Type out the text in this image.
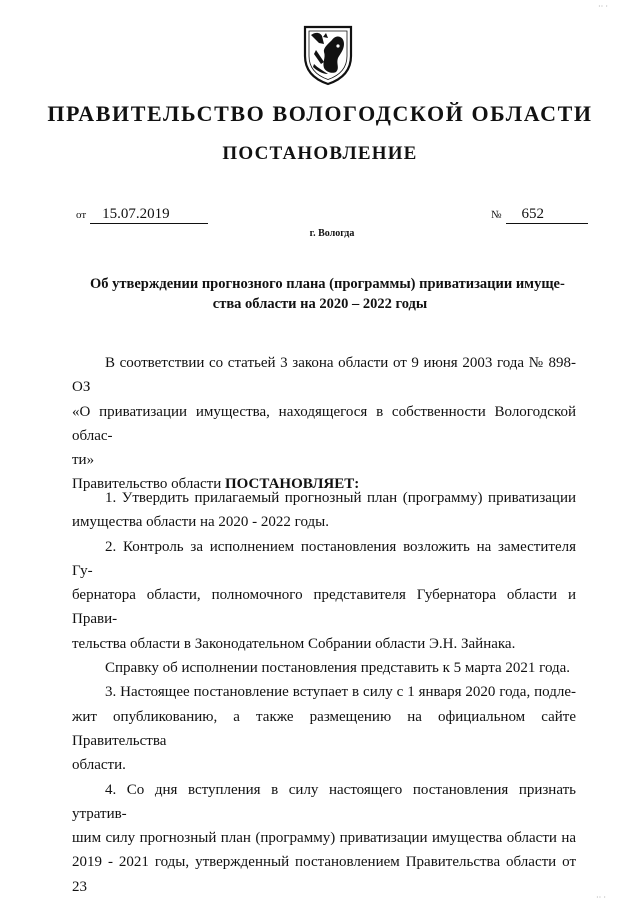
ПРАВИТЕЛЬСТВО ВОЛОГОДСКОЙ ОБЛАСТИ
ПОСТАНОВЛЕНИЕ
от 15.07.2019	№ 652
г. Вологда
Об утверждении прогнозного плана (программы) приватизации имуще-
ства области на 2020 – 2022 годы
В соответствии со статьей 3 закона области от 9 июня 2003 года № 898-ОЗ
«О приватизации имущества, находящегося в собственности Вологодской облас-
ти»
Правительство области ПОСТАНОВЛЯЕТ:
1. Утвердить прилагаемый прогнозный план (программу) приватизации
имущества области на 2020 - 2022 годы.
2. Контроль за исполнением постановления возложить на заместителя Гу-
бернатора области, полномочного представителя Губернатора области и Прави-
тельства области в Законодательном Собрании области Э.Н. Зайнака.
Справку об исполнении постановления представить к 5 марта 2021 года.
3. Настоящее постановление вступает в силу с 1 января 2020 года, подле-
жит опубликованию, а также размещению на официальном сайте Правительства
области.
4. Со дня вступления в силу настоящего постановления признать утратив-
шим силу прогнозный план (программу) приватизации имущества области на
2019 - 2021 годы, утвержденный постановлением Правительства области от 23
·· ·
·· ·
